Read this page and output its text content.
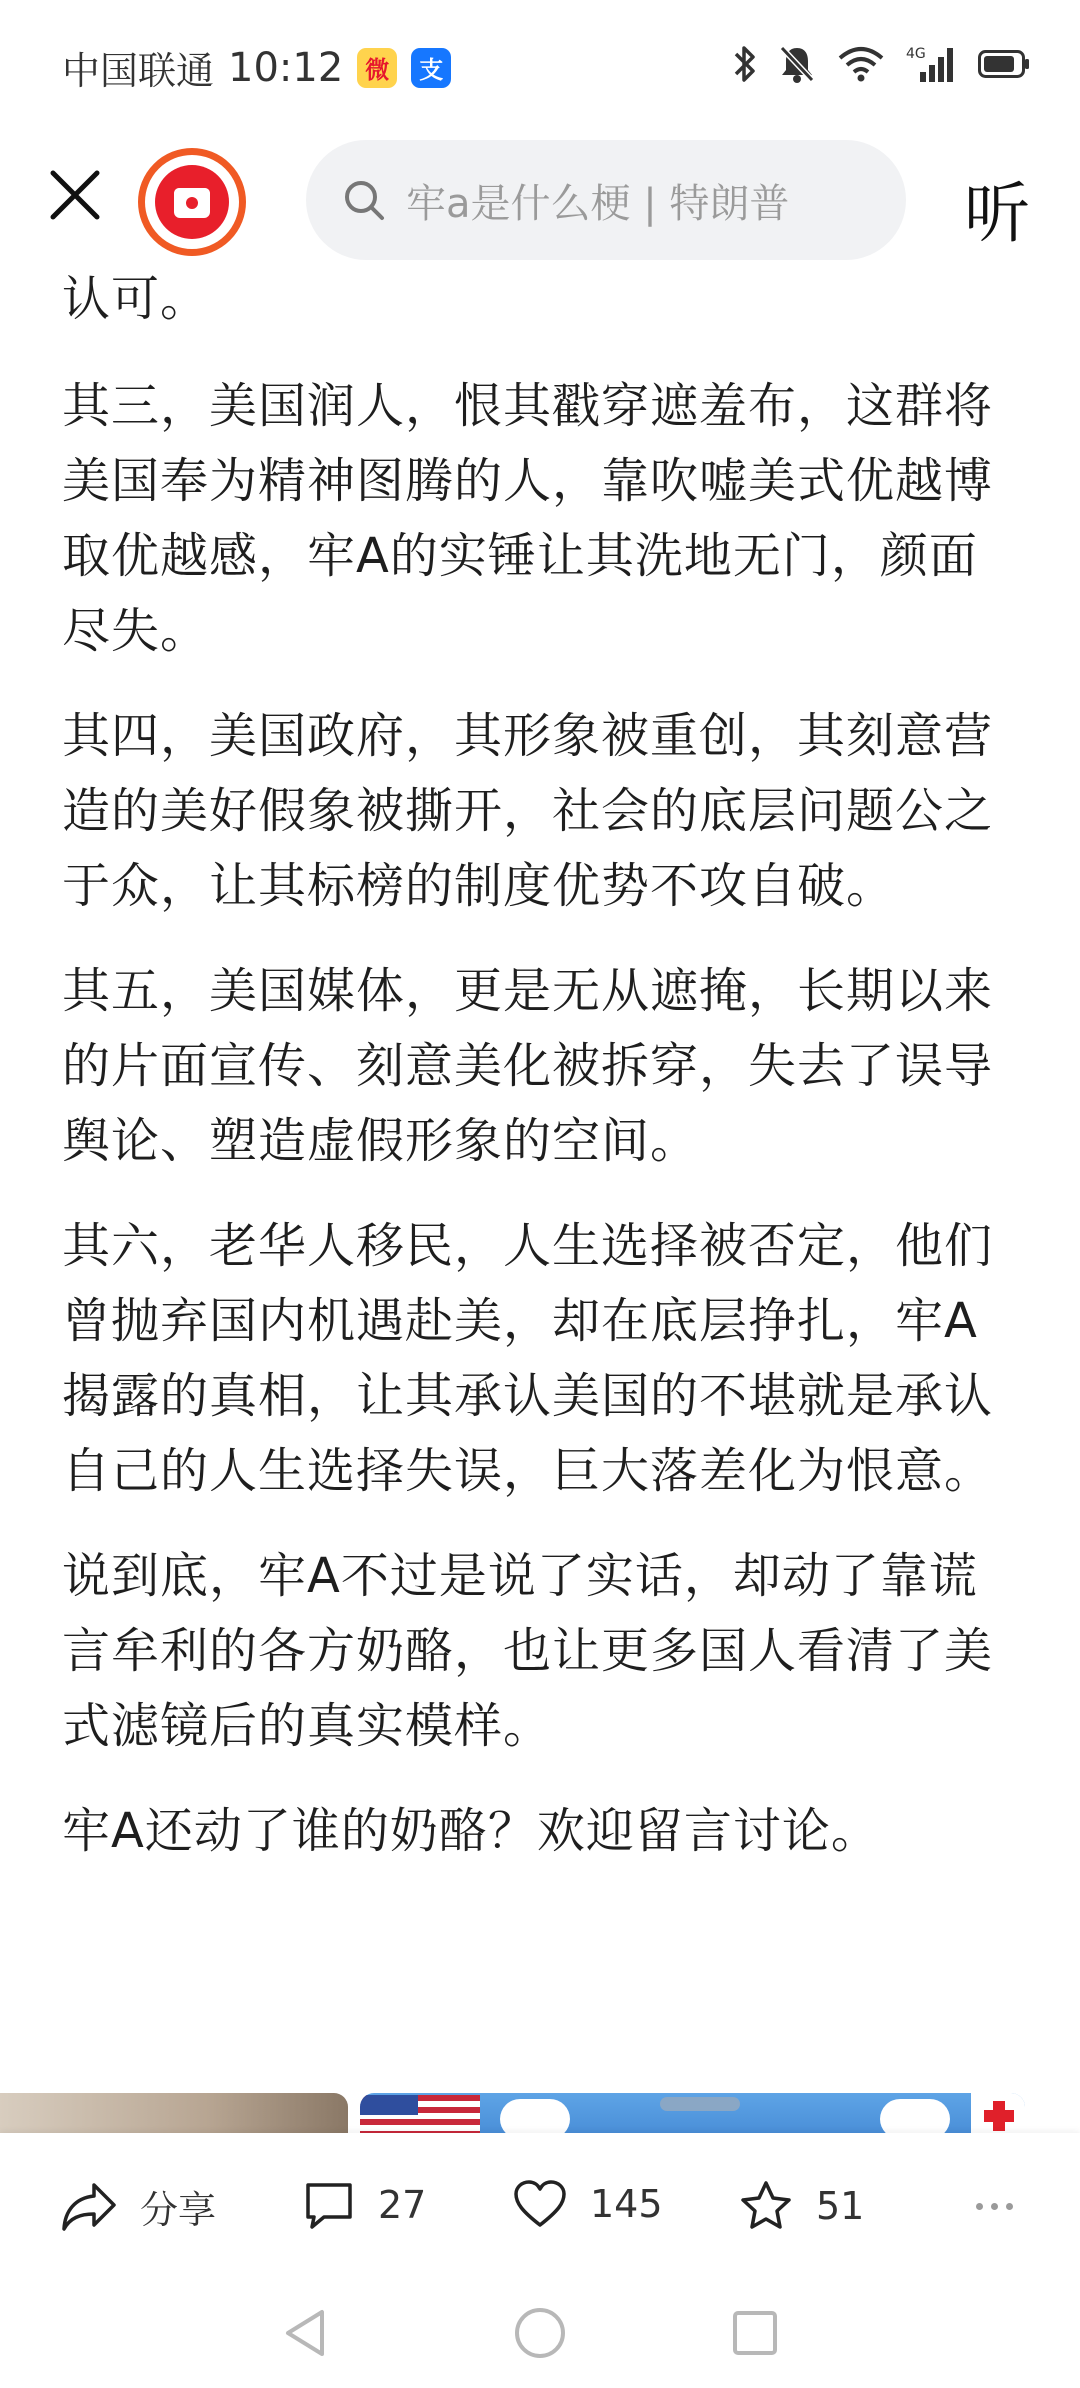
中国联通 10:12 微	支
4G
牢a是什么梗 | 特朗普	听

认可。

其三，美国润人，恨其戳穿遮羞布，这群将美国奉为精神图腾的人，靠吹嘘美式优越博取优越感，牢A的实锤让其洗地无门，颜面尽失。

其四，美国政府，其形象被重创，其刻意营造的美好假象被撕开，社会的底层问题公之于众，让其标榜的制度优势不攻自破。

其五，美国媒体，更是无从遮掩，长期以来的片面宣传、刻意美化被拆穿，失去了误导舆论、塑造虚假形象的空间。

其六，老华人移民，人生选择被否定，他们曾抛弃国内机遇赴美，却在底层挣扎，牢A揭露的真相，让其承认美国的不堪就是承认自己的人生选择失误，巨大落差化为恨意。

说到底，牢A不过是说了实话，却动了靠谎言牟利的各方奶酪，也让更多国人看清了美式滤镜后的真实模样。

牢A还动了谁的奶酪？欢迎留言讨论。

分享	27	145	51
